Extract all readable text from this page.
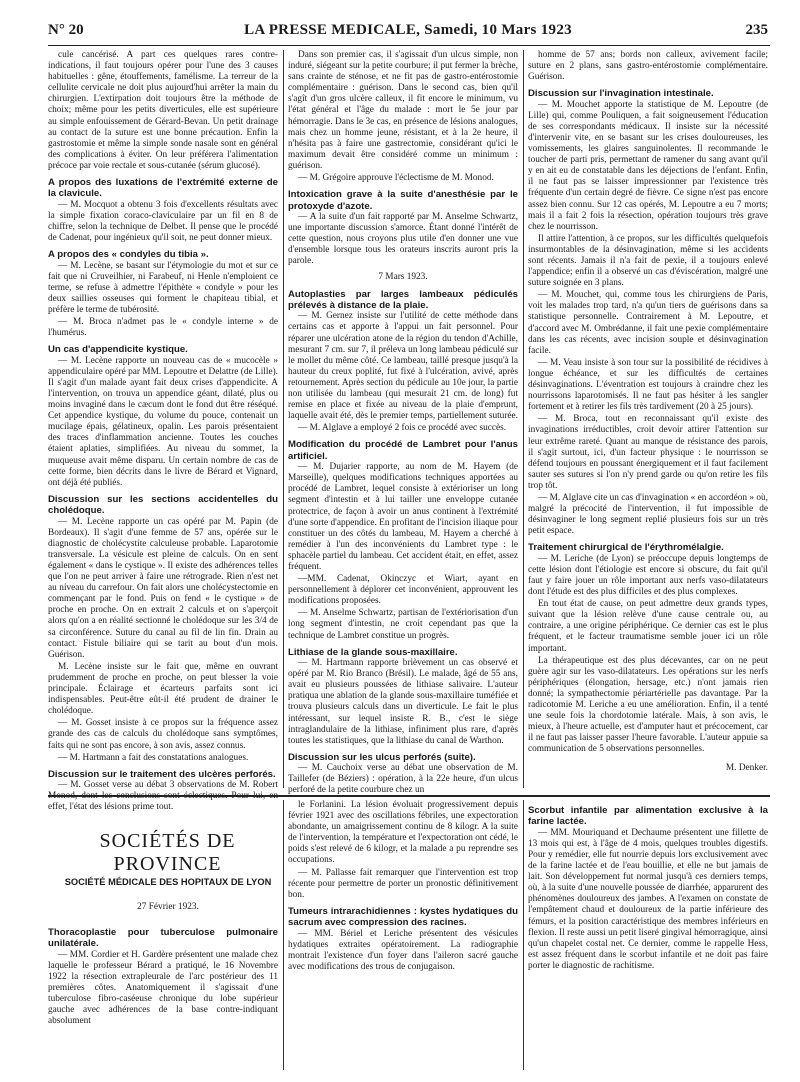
N° 20	LA PRESSE MEDICALE, Samedi, 10 Mars 1923	235

cule cancérisé. A part ces quelques rares contre-indications, il faut toujours opérer pour l'une des 3 causes habituelles : gêne, étouffements, famélisme. La terreur de la cellulite cervicale ne doit plus aujourd'hui arrêter la main du chirurgien. L'extirpation doit toujours être la méthode de choix; même pour les petits diverticules, elle est supérieure au simple enfouissement de Gérard-Bevan. Un petit drainage au contact de la suture est une bonne précaution. Enfin la gastrostomie et même la simple sonde nasale sont en général des complications à éviter. On leur préférera l'alimentation précoce par voie rectale et sous-cutanée (sérum glucosé).

A propos des luxations de l'extrémité externe de la clavicule.

— M. Mocquot a obtenu 3 fois d'excellents résultats avec la simple fixation coraco-claviculaire par un fil en 8 de chiffre, selon la technique de Delbet. Il pense que le procédé de Cadenat, pour ingénieux qu'il soit, ne peut donner mieux.

A propos des « condyles du tibia ».

— M. Lecène, se basant sur l'étymologie du mot et sur ce fait que ni Cruveilhier, ni Farabeuf, ni Henle n'emploient ce terme, se refuse à admettre l'épithète « condyle » pour les deux saillies osseuses qui forment le chapiteau tibial, et préfère le terme de tubérosité.

— M. Broca n'admet pas le « condyle interne » de l'humérus.

Un cas d'appendicite kystique.

— M. Lecène rapporte un nouveau cas de « mucocèle » appendiculaire opéré par MM. Lepoutre et Delattre (de Lille). Il s'agit d'un malade ayant fait deux crises d'appendicite. A l'intervention, on trouva un appendice géant, dilaté, plus ou moins invaginé dans le cæcum dont le fond dut être réséqué. Cet appendice kystique, du volume du pouce, contenait un mucilage épais, gélatineux, opalin. Les parois présentaient des traces d'inflammation ancienne. Toutes les couches étaient aplaties, simplifiées. Au niveau du sommet, la muqueuse avait même disparu. Un certain nombre de cas de cette forme, bien décrits dans le livre de Bérard et Vignard, ont déjà été publiés.

Discussion sur les sections accidentelles du cholédoque.

— M. Lecène rapporte un cas opéré par M. Papin (de Bordeaux). Il s'agit d'une femme de 57 ans, opérée sur le diagnostic de cholécystite calculeuse probable. Laparotomie transversale. La vésicule est pleine de calculs. On en sent également « dans le cystique ». Il existe des adhérences telles que l'on ne peut arriver à faire une rétrograde. Rien n'est net au niveau du carrefour. On fait alors une cholécystectomie en commençant par le fond. Puis on fend « le cystique » de proche en proche. On en extrait 2 calculs et on s'aperçoit alors qu'on a en réalité sectionné le cholédoque sur les 3/4 de sa circonférence. Suture du canal au fil de lin fin. Drain au contact. Fistule biliaire qui se tarit au bout d'un mois. Guérison.

M. Lecène insiste sur le fait que, même en ouvrant prudemment de proche en proche, on peut blesser la voie principale. Éclairage et écarteurs parfaits sont ici indispensables. Peut-être eût-il été prudent de drainer le cholédoque.

— M. Gosset insiste à ce propos sur la fréquence assez grande des cas de calculs du cholédoque sans symptômes, faits qui ne sont pas encore, à son avis, assez connus.

— M. Hartmann a fait des constatations analogues.

Discussion sur le traitement des ulcères perforés.

— M. Gosset verse au débat 3 observations de M. Robert Monod, dont les conclusions sont éclectiques. Pour lui, en effet, l'état des lésions prime tout.

Dans son premier cas, il s'agissait d'un ulcus simple, non induré, siégeant sur la petite courbure; il put fermer la brèche, sans crainte de sténose, et ne fit pas de gastro-entérostomie complémentaire : guérison. Dans le second cas, bien qu'il s'agît d'un gros ulcère calleux, il fit encore le minimum, vu l'état général et l'âge du malade : mort le 5e jour par hémorragie. Dans le 3e cas, en présence de lésions analogues, mais chez un homme jeune, résistant, et à la 2e heure, il n'hésita pas à faire une gastrectomie, considérant qu'ici le maximum devait être considéré comme un minimum : guérison.

— M. Grégoire approuve l'éclectisme de M. Monod.

Intoxication grave à la suite d'anesthésie par le protoxyde d'azote.

— A la suite d'un fait rapporté par M. Anselme Schwartz, une importante discussion s'amorce. Étant donné l'intérêt de cette question, nous croyons plus utile d'en donner une vue d'ensemble lorsque tous les orateurs inscrits auront pris la parole.

7 Mars 1923.

Autoplasties par larges lambeaux pédiculés prélevés à distance de la plaie.

— M. Gernez insiste sur l'utilité de cette méthode dans certains cas et apporte à l'appui un fait personnel. Pour réparer une ulcération atone de la région du tendon d'Achille, mesurant 7 cm. sur 7, il préleva un long lambeau pédiculé sur le mollet du même côté. Ce lambeau, taillé presque jusqu'à la hauteur du creux poplité, fut fixé à l'ulcération, avivé, après retournement. Après section du pédicule au 10e jour, la partie non utilisée du lambeau (qui mesurait 21 cm. de long) fut remise en place et fixée au niveau de la plaie d'emprunt, laquelle avait été, dès le premier temps, partiellement suturée.

— M. Alglave a employé 2 fois ce procédé avec succès.

Modification du procédé de Lambret pour l'anus artificiel.

— M. Dujarier rapporte, au nom de M. Hayem (de Marseille), quelques modifications techniques apportées au procédé de Lambret, lequel consiste à extérioriser un long segment d'intestin et à lui tailler une enveloppe cutanée protectrice, de façon à avoir un anus continent à l'extrémité d'une sorte d'appendice. En profitant de l'incision iliaque pour constituer un des côtés du lambeau, M. Hayem a cherché à remédier à l'un des inconvénients du Lambret type : le sphacèle partiel du lambeau. Cet accident était, en effet, assez fréquent.

—MM. Cadenat, Okinczyc et Wiart, ayant en personnellement à déplorer cet inconvénient, approuvent les modifications proposées.

— M. Anselme Schwartz, partisan de l'extériorisation d'un long segment d'intestin, ne croit cependant pas que la technique de Lambret constitue un progrès.

Lithiase de la glande sous-maxillaire.

— M. Hartmann rapporte brièvement un cas observé et opéré par M. Rio Branco (Brésil). Le malade, âgé de 55 ans, avait eu plusieurs poussées de lithiase salivaire. L'auteur pratiqua une ablation de la glande sous-maxillaire tuméfiée et trouva plusieurs calculs dans un diverticule. Le fait le plus intéressant, sur lequel insiste R. B., c'est le siège intraglandulaire de la lithiase, infiniment plus rare, d'après toutes les statistiques, que la lithiase du canal de Warthon.

Discussion sur les ulcus perforés (suite).

— M. Cauchoix verse au débat une observation de M. Taillefer (de Béziers) : opération, à la 22e heure, d'un ulcus perforé de la petite courbure chez un

homme de 57 ans; bords non calleux, avivement facile; suture en 2 plans, sans gastro-entérostomie complémentaire. Guérison.

Discussion sur l'invagination intestinale.

— M. Mouchet apporte la statistique de M. Lepoutre (de Lille) qui, comme Pouliquen, a fait soigneusement l'éducation de ses correspondants médicaux. Il insiste sur la nécessité d'intervenir vite, en se basant sur les crises douloureuses, les vomissements, les glaires sanguinolentes. Il recommande le toucher de parti pris, permettant de ramener du sang avant qu'il y en ait eu de constatable dans les déjections de l'enfant. Enfin, il ne faut pas se laisser impressionner par l'existence très fréquente d'un certain degré de fièvre. Ce signe n'est pas encore assez bien connu. Sur 12 cas opérés, M. Lepoutre a eu 7 morts; mais il a fait 2 fois la résection, opération toujours très grave chez le nourrisson.

Il attire l'attention, à ce propos, sur les difficultés quelquefois insurmontables de la désinvagination, même si les accidents sont récents. Jamais il n'a fait de pexie, il a toujours enlevé l'appendice; enfin il a observé un cas d'éviscération, malgré une suture soignée en 3 plans.

— M. Mouchet, qui, comme tous les chirurgiens de Paris, voit les malades trop tard, n'a qu'un tiers de guérisons dans sa statistique personnelle. Contrairement à M. Lepoutre, et d'accord avec M. Ombrédanne, il fait une pexie complémentaire dans les cas récents, avec incision souple et désinvagination facile.

— M. Veau insiste à son tour sur la possibilité de récidives à longue échéance, et sur les difficultés de certaines désinvaginations. L'éventration est toujours à craindre chez les nourrissons laparotomisés. Il ne faut pas hésiter à les sangler fortement et à retirer les fils très tardivement (20 à 25 jours).

— M. Broca, tout en reconnaissant qu'il existe des invaginations irréductibles, croit devoir attirer l'attention sur leur extrême rareté. Quant au manque de résistance des parois, il s'agit surtout, ici, d'un facteur physique : le nourrisson se défend toujours en poussant énergiquement et il faut facilement sauter ses sutures si l'on n'y prend garde ou qu'on retire les fils trop tôt.

— M. Alglave cite un cas d'invagination « en accordéon » où, malgré la précocité de l'intervention, il fut impossible de désinvaginer le long segment replié plusieurs fois sur un très petit espace.

Traitement chirurgical de l'érythromélalgie.

— M. Leriche (de Lyon) se préoccupe depuis longtemps de cette lésion dont l'étiologie est encore si obscure, du fait qu'il faut y faire jouer un rôle important aux nerfs vaso-dilatateurs dont l'étude est des plus difficiles et des plus complexes.

En tout état de cause, on peut admettre deux grands types, suivant que la lésion relève d'une cause centrale ou, au contraire, a une origine périphérique. Ce dernier cas est le plus fréquent, et le facteur traumatisme semble jouer ici un rôle important.

La thérapeutique est des plus décevantes, car on ne peut guère agir sur les vaso-dilatateurs. Les opérations sur les nerfs périphériques (élongation, hersage, etc.) n'ont jamais rien donné; la sympathectomie périartérielle pas davantage. Par la radicotomie M. Leriche a eu une amélioration. Enfin, il a tenté une seule fois la chordotomie latérale. Mais, à son avis, le mieux, à l'heure actuelle, est d'amputer haut et précocement, car il ne faut pas laisser passer l'heure favorable. L'auteur appuie sa communication de 5 observations personnelles.

M. Denker.

SOCIÉTÉS DE PROVINCE
SOCIÉTÉ MÉDICALE DES HOPITAUX DE LYON
27 Février 1923.
Thoracoplastie pour tuberculose pulmonaire unilatérale.

— MM. Cordier et H. Gardère présentent une malade chez laquelle le professeur Bérard a pratiqué, le 16 Novembre 1922 la résection extrapleurale de l'arc postérieur des 11 premières côtes. Anatomiquement il s'agissait d'une tuberculose fibro-caséeuse chronique du lobe supérieur gauche avec adhérences de la base contre-indiquant absolument

le Forlanini. La lésion évoluait progressivement depuis février 1921 avec des oscillations fébriles, une expectoration abondante, un amaigrissement continu de 8 kilogr. A la suite de l'intervention, la température et l'expectoration ont cédé, le poids s'est relevé de 6 kilogr, et la malade a pu reprendre ses occupations.

— M. Pallasse fait remarquer que l'intervention est trop récente pour permettre de porter un pronostic définitivement bon.

Tumeurs intrarachidiennes : kystes hydatiques du sacrum avec compression des racines.

— MM. Bériel et Leriche présentent des vésicules hydatiques extraites opératoirement. La radiographie montrait l'existence d'un foyer dans l'aileron sacré gauche avec modifications des trous de conjugaison.

Scorbut infantile par alimentation exclusive à la farine lactée.

— MM. Mouriquand et Dechaume présentent une fillette de 13 mois qui est, à l'âge de 4 mois, quelques troubles digestifs. Pour y remédier, elle fut nourrie depuis lors exclusivement avec de la farine lactée et de l'eau bouillie, et elle ne but jamais de lait. Son développement fut normal jusqu'à ces derniers temps, où, à la suite d'une nouvelle poussée de diarrhée, apparurent des phénomènes douloureux des jambes. A l'examen on constate de l'empâtement chaud et douloureux de la partie inférieure des fémurs, et la position caractéristique des membres inférieurs en flexion. Il reste aussi un petit liseré gingival hémorragique, ainsi qu'un chapelet costal net. Ce dernier, comme le rappelle Hess, est assez fréquent dans le scorbut infantile et ne doit pas faire porter le diagnostic de rachitisme.
